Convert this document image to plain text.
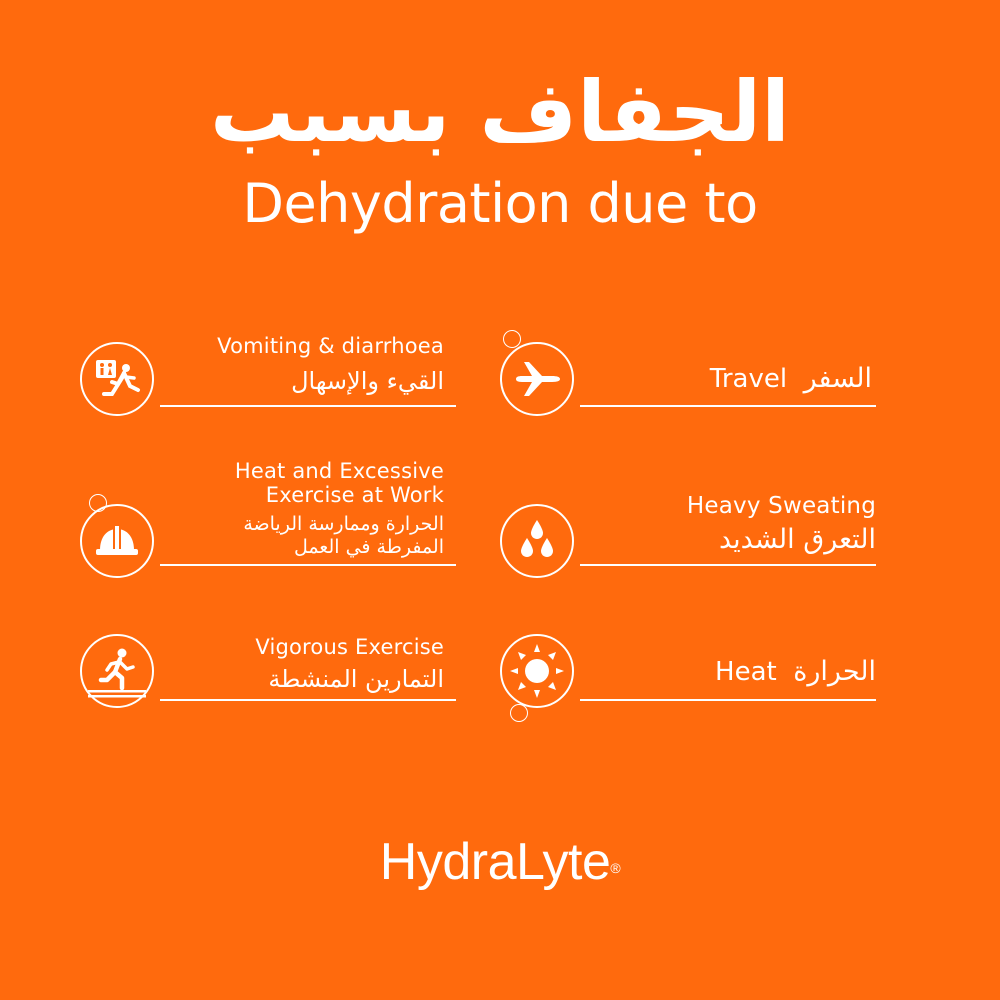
الجفاف بسبب
Dehydration due to
Vomiting & diarrhoea
القيء والإسهال	Travel السفر
Heat and Excessive
Exercise at Work
الحرارة وممارسة الرياضة
المفرطة في العمل
Heavy Sweating
التعرق الشديد
Vigorous Exercise
التمارين المنشطة	Heat الحرارة
HydraLyte®
